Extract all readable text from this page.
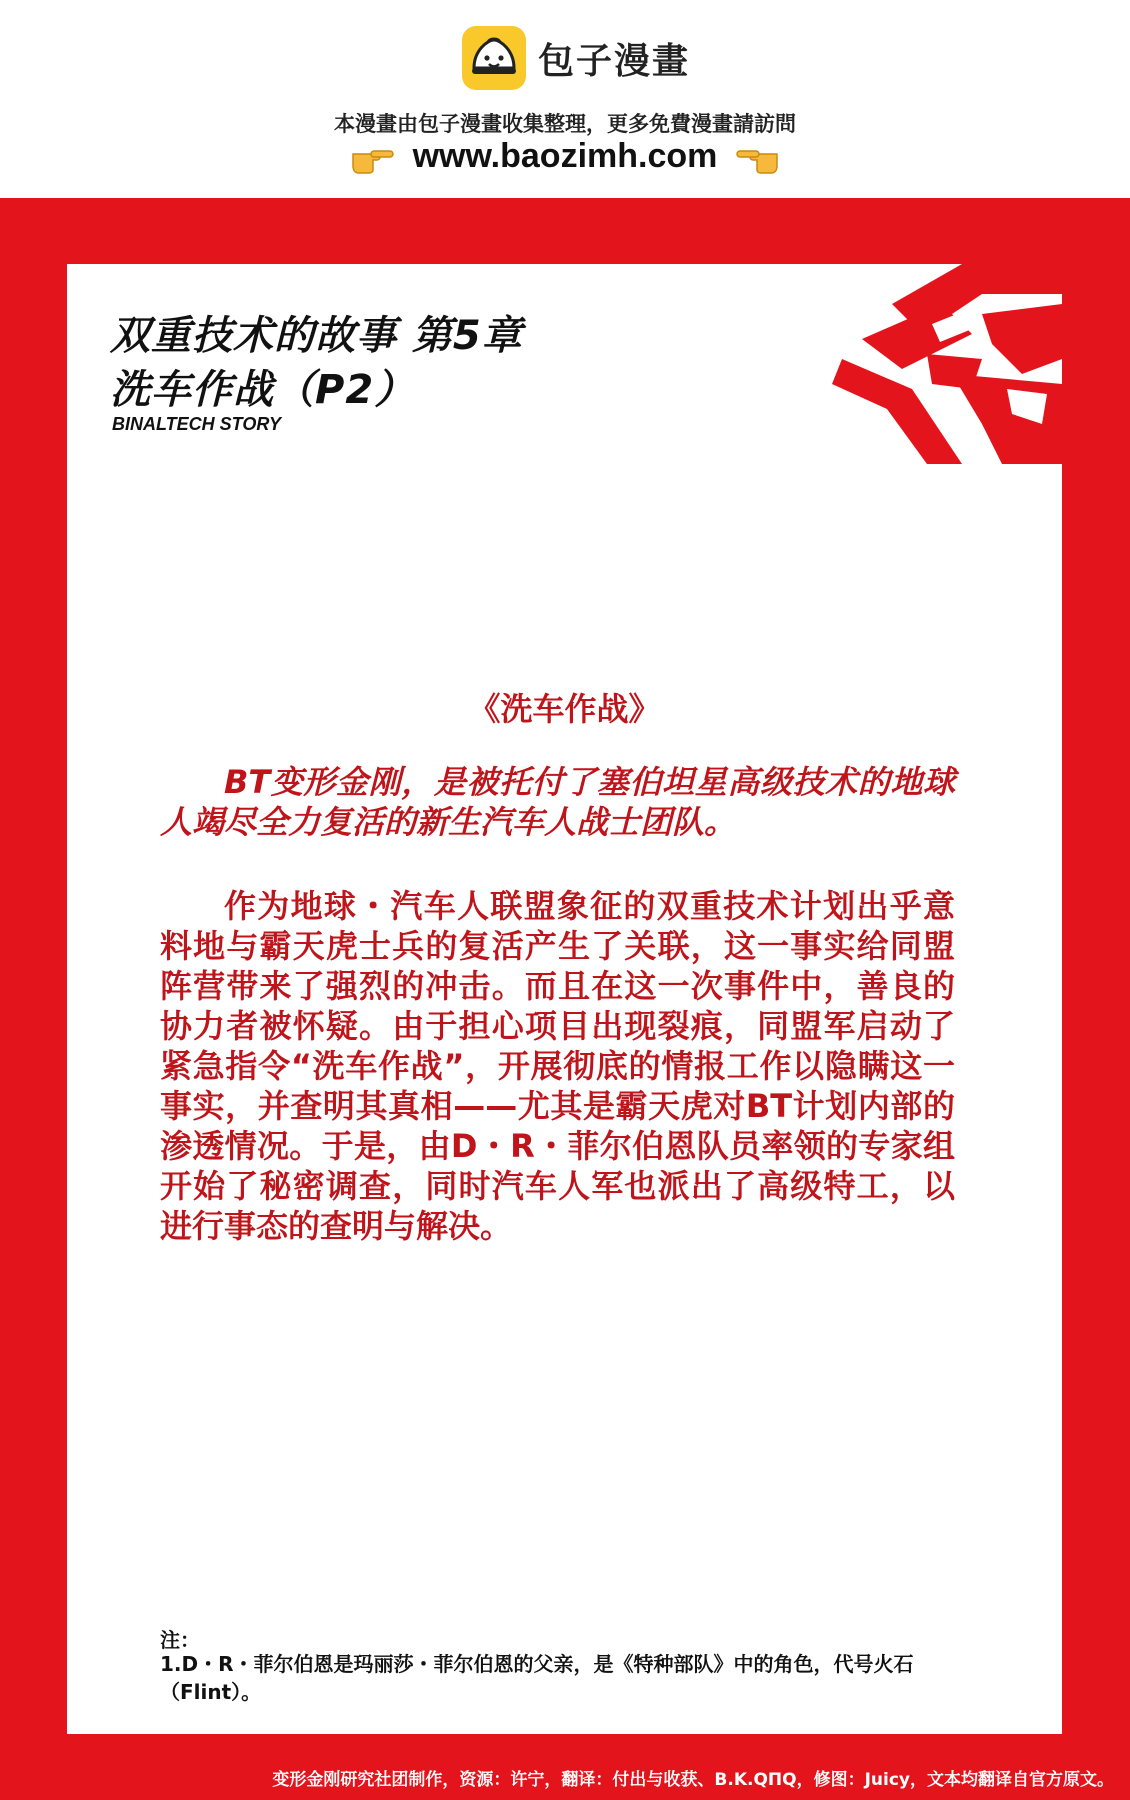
包子漫畫
本漫畫由包子漫畫收集整理，更多免費漫畫請訪問
www.baozimh.com
双重技术的故事 第5章
洗车作战（P2）
BINALTECH STORY
《洗车作战》

BT变形金刚，是被托付了塞伯坦星高级技术的地球人竭尽全力复活的新生汽车人战士团队。

作为地球・汽车人联盟象征的双重技术计划出乎意料地与霸天虎士兵的复活产生了关联，这一事实给同盟阵营带来了强烈的冲击。而且在这一次事件中，善良的协力者被怀疑。由于担心项目出现裂痕，同盟军启动了紧急指令“洗车作战”，开展彻底的情报工作以隐瞒这一事实，并查明其真相——尤其是霸天虎对BT计划内部的渗透情况。于是，由D・R・菲尔伯恩队员率领的专家组开始了秘密调查，同时汽车人军也派出了高级特工，以进行事态的查明与解决。

注：

1.D・R・菲尔伯恩是玛丽莎・菲尔伯恩的父亲，是《特种部队》中的角色，代号火石（Flint）。

变形金刚研究社团制作，资源：许宁，翻译：付出与收获、B.K.QΠQ，修图：Juicy，文本均翻译自官方原文。
